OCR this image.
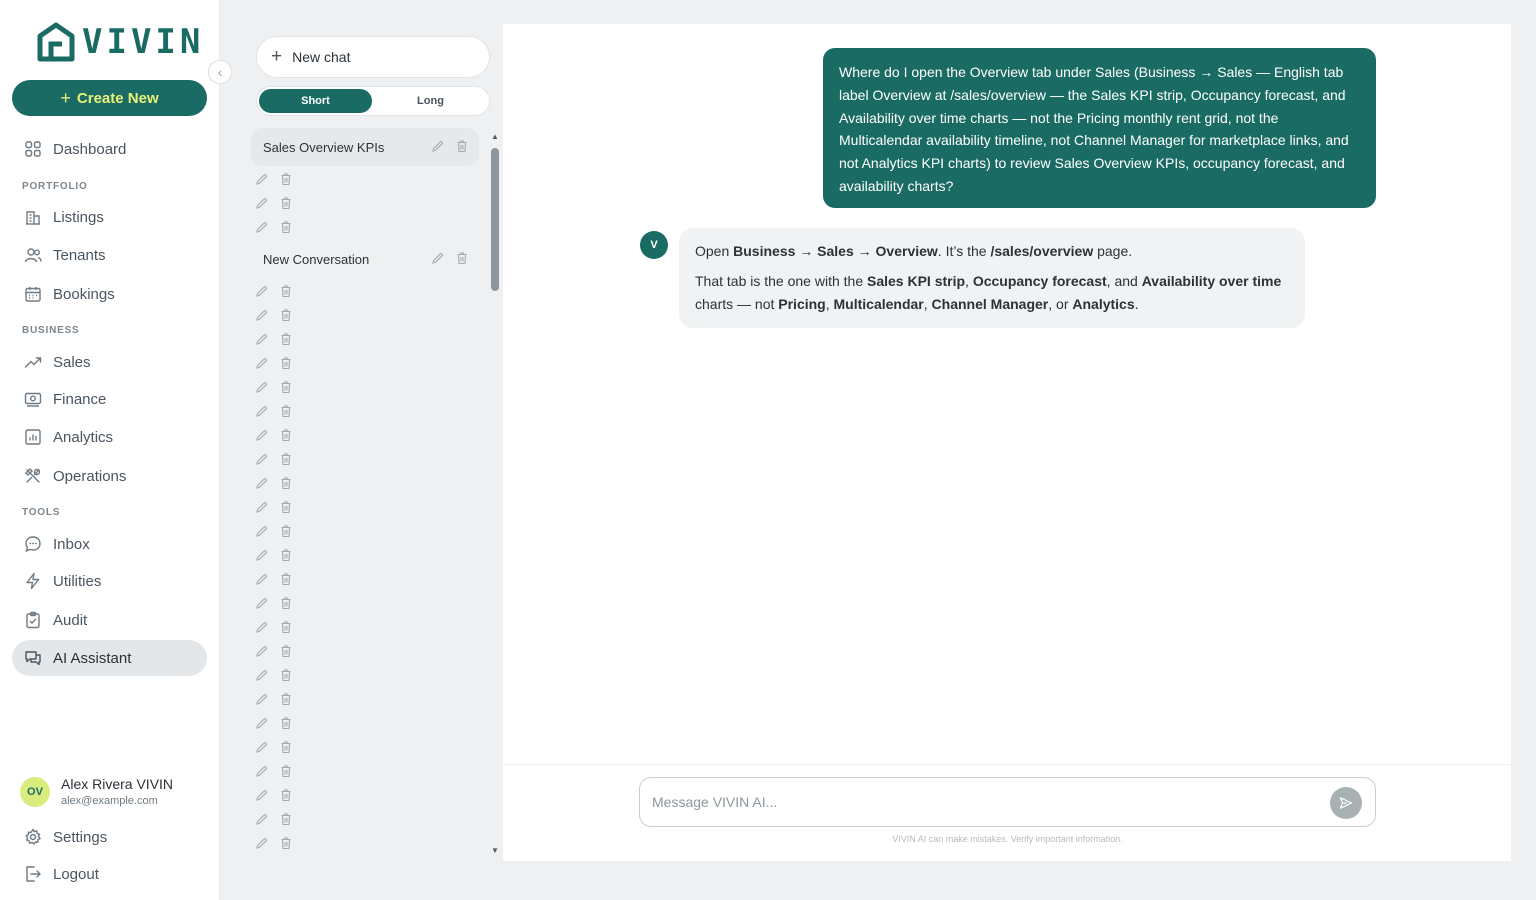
VIVIN
+ Create New
Dashboard
PORTFOLIO
Listings
Tenants
Bookings
BUSINESS
Sales
Finance
Analytics
Operations
TOOLS
Inbox
Utilities
Audit
AI Assistant
OV	Alex Rivera VIVIN
alex@example.com
Settings
Logout
‹
+ New chat
Short	Long
Sales Overview KPIs
New Conversation
▲
▼
Where do I open the Overview tab under Sales (Business → Sales — English tab label Overview at /sales/overview — the Sales KPI strip, Occupancy forecast, and Availability over time charts — not the Pricing monthly rent grid, not the Multicalendar availability timeline, not Channel Manager for marketplace links, and not Analytics KPI charts) to review Sales Overview KPIs, occupancy forecast, and availability charts?
V	Open Business → Sales → Overview. It’s the /sales/overview page.

That tab is the one with the Sales KPI strip, Occupancy forecast, and Availability over time charts — not Pricing, Multicalendar, Channel Manager, or Analytics.

Message VIVIN AI...
VIVIN AI can make mistakes. Verify important information.
